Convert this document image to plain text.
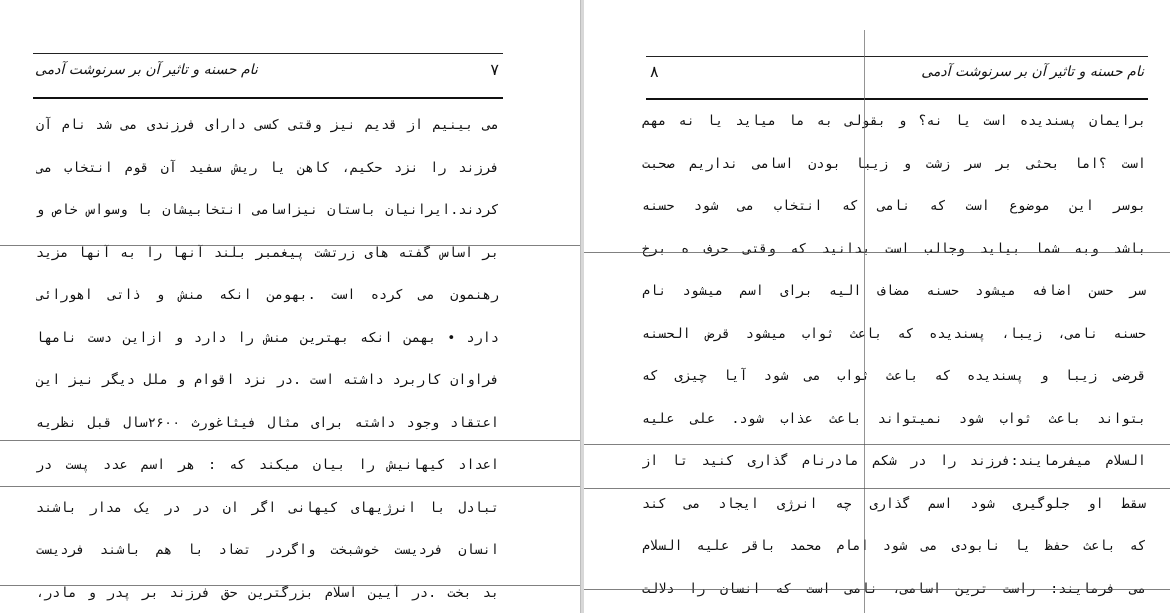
نام حسنه و تاثیر آن بر سرنوشت آدمی	۷
می بینیم از قدیم نیز وقتی کسی دارای فرزندی می شد نام آن
فرزند را نزد حکیم، کاهن یا ریش سفید آن قوم انتخاب می
کردند.ایرانیان باستان نیزاسامی انتخابیشان با وسواس خاص و
بر اساس گفته های زرتشت پیغمبر بلند آنها را به آنها مزید
رهنمون می کرده است .بهومن انکه منش و ذاتی اهورائی
دارد • بهمن انکه بهترین منش را دارد و ازاین دست نامها
فراوان کاربرد داشته است .در نزد اقوام و ملل دیگر نیز این
اعتقاد وجود داشته برای مثال فیثاغورث ۲۶۰۰سال قبل نظریه
اعداد کیهانیش را بیان میکند که : هر اسم عدد پست در
تبادل با انرژیهای کیهانی اگر ان در در یک مدار باشند
انسان فردیست خوشبخت واگردر تضاد با هم باشند فردیست
بد بخت .در آیین اسلام بزرگترین حق فرزند بر پدر و مادر،
۸	نام حسنه و تاثیر آن بر سرنوشت آدمی
برایمان پسندیده است یا نه؟ و بقولی به ما میاید یا نه مهم
است ؟اما بحثی بر سر زشت و زیبا بودن اسامی نداریم صحبت
بوسر این موضوع است که نامی که انتخاب می شود حسنه
باشد وبه شما بیاید وجالب است بدانید که وقتی حرف ه برخ
سر حسن اضافه میشود حسنه مضاف الیه برای اسم میشود نام
حسنه نامی، زیبا، پسندیده که باعث ثواب میشود قرض الحسنه
قرضی زیبا و پسندیده که باعث ثواب می شود آیا چیزی که
بتواند باعث ثواب شود نمیتواند باعث عذاب شود. علی علیه
السلام میفرمایند:فرزند را در شکم مادرنام گذاری کنید تا از
سقط او جلوگیری شود اسم گذاری چه انرژی ایجاد می کند
که باعث حفظ یا نابودی می شود امام محمد باقر علیه السلام
می فرمایند: راست ترین اسامی، نامی است که انسان را دلالت
